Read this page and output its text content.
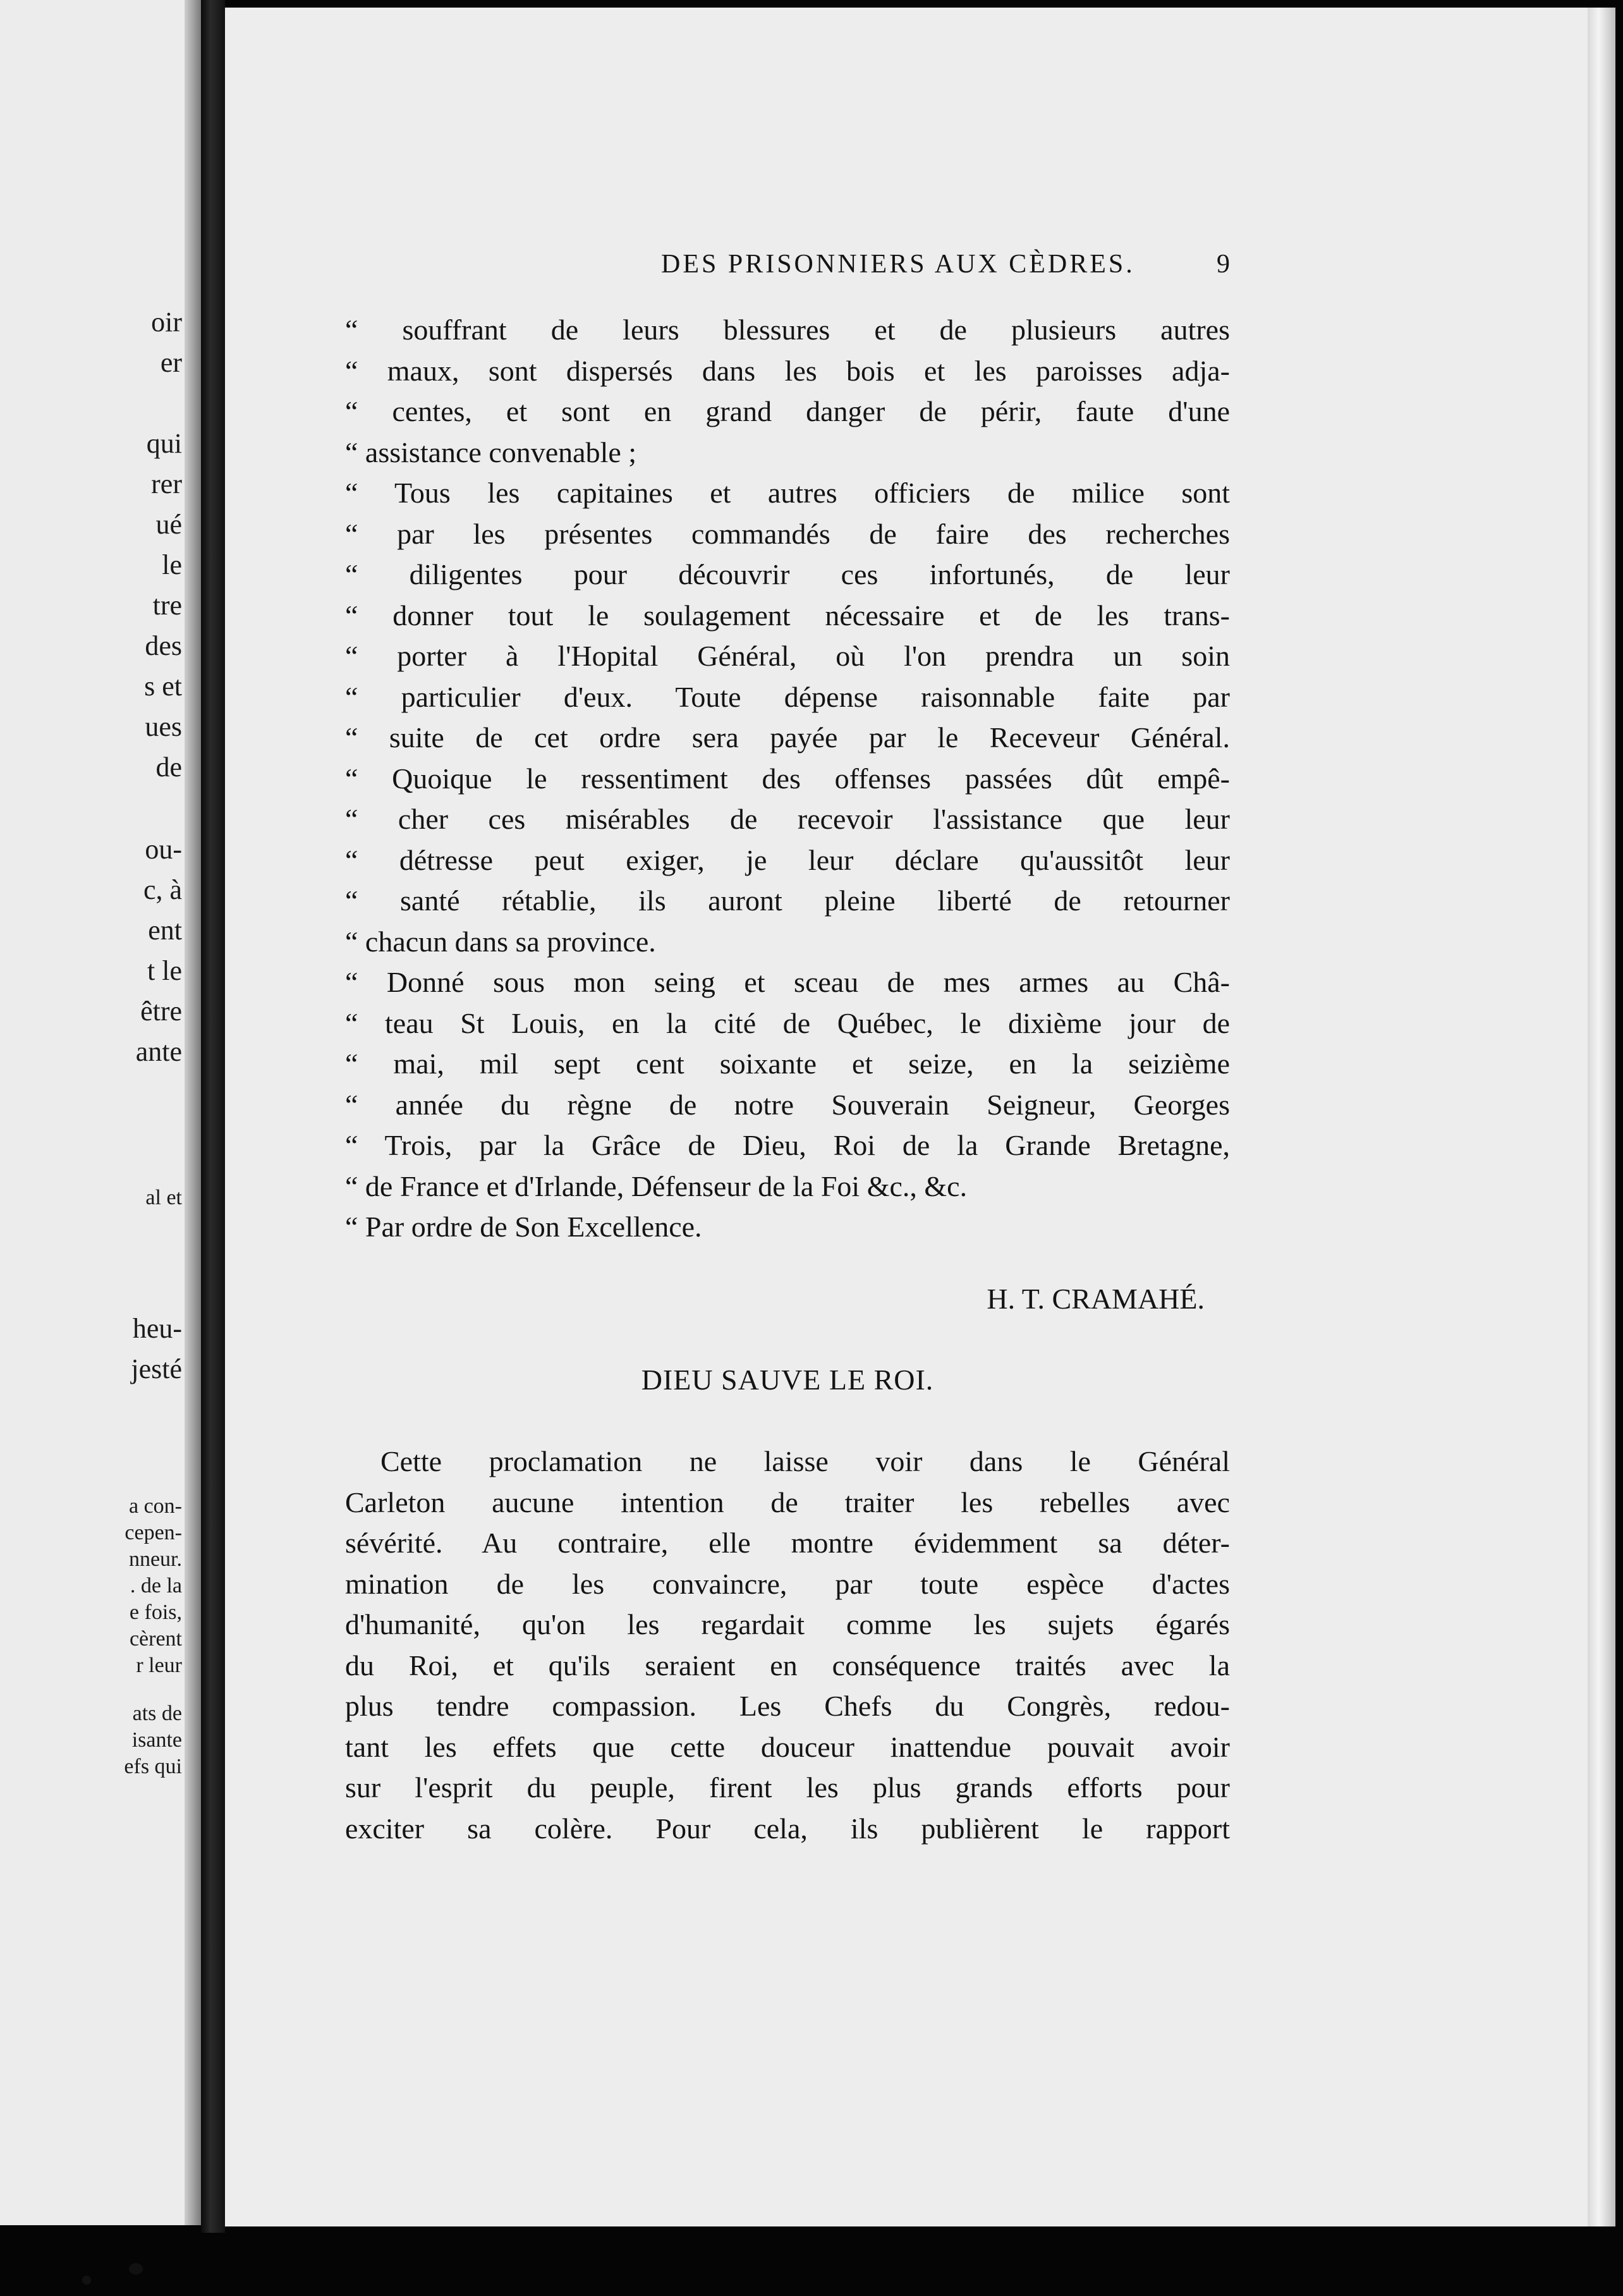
oir
er
qui
rer
ué
le
tre
des
s et
ues
de
ou-
c, à
ent
t le
être
ante
al et
heu-
jesté
a con-
cepen-
nneur.
. de la
e fois,
cèrent
r leur
ats de
isante
efs qui
DES PRISONNIERS AUX CÈDRES.	9
“ souffrant de leurs blessures et de plusieurs autres
“ maux, sont dispersés dans les bois et les paroisses adja-
“ centes, et sont en grand danger de périr, faute d'une
“ assistance convenable ;
“ Tous les capitaines et autres officiers de milice sont
“ par les présentes commandés de faire des recherches
“ diligentes pour découvrir ces infortunés, de leur
“ donner tout le soulagement nécessaire et de les trans-
“ porter à l'Hopital Général, où l'on prendra un soin
“ particulier d'eux. Toute dépense raisonnable faite par
“ suite de cet ordre sera payée par le Receveur Général.
“ Quoique le ressentiment des offenses passées dût empê-
“ cher ces misérables de recevoir l'assistance que leur
“ détresse peut exiger, je leur déclare qu'aussitôt leur
“ santé rétablie, ils auront pleine liberté de retourner
“ chacun dans sa province.
“ Donné sous mon seing et sceau de mes armes au Châ-
“ teau St Louis, en la cité de Québec, le dixième jour de
“ mai, mil sept cent soixante et seize, en la seizième
“ année du règne de notre Souverain Seigneur, Georges
“ Trois, par la Grâce de Dieu, Roi de la Grande Bretagne,
“ de France et d'Irlande, Défenseur de la Foi &c., &c.
“ Par ordre de Son Excellence.
H. T. CRAMAHÉ.
DIEU SAUVE LE ROI.
Cette proclamation ne laisse voir dans le Général
Carleton aucune intention de traiter les rebelles avec
sévérité. Au contraire, elle montre évidemment sa déter-
mination de les convaincre, par toute espèce d'actes
d'humanité, qu'on les regardait comme les sujets égarés
du Roi, et qu'ils seraient en conséquence traités avec la
plus tendre compassion. Les Chefs du Congrès, redou-
tant les effets que cette douceur inattendue pouvait avoir
sur l'esprit du peuple, firent les plus grands efforts pour
exciter sa colère. Pour cela, ils publièrent le rapport
